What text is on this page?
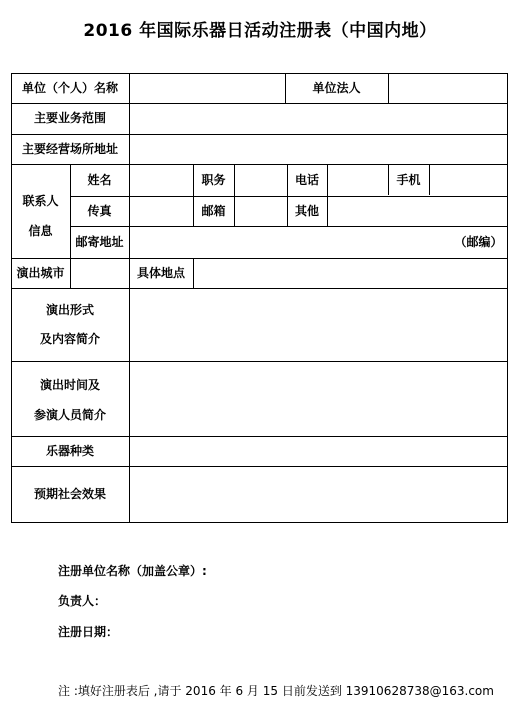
2016 年国际乐器日活动注册表（中国内地）
单位（个人）名称	单位法人
主要业务范围
主要经营场所地址
联系人
信息
姓名	职务	电话	手机
传真	邮箱	其他
邮寄地址	（邮编）
演出城市	具体地点
演出形式
及内容简介
演出时间及
参演人员简介
乐器种类
预期社会效果
注册单位名称（加盖公章）:
负责人：
注册日期：
注 :填好注册表后 ,请于 2016 年 6 月 15 日前发送到 13910628738@163.com
